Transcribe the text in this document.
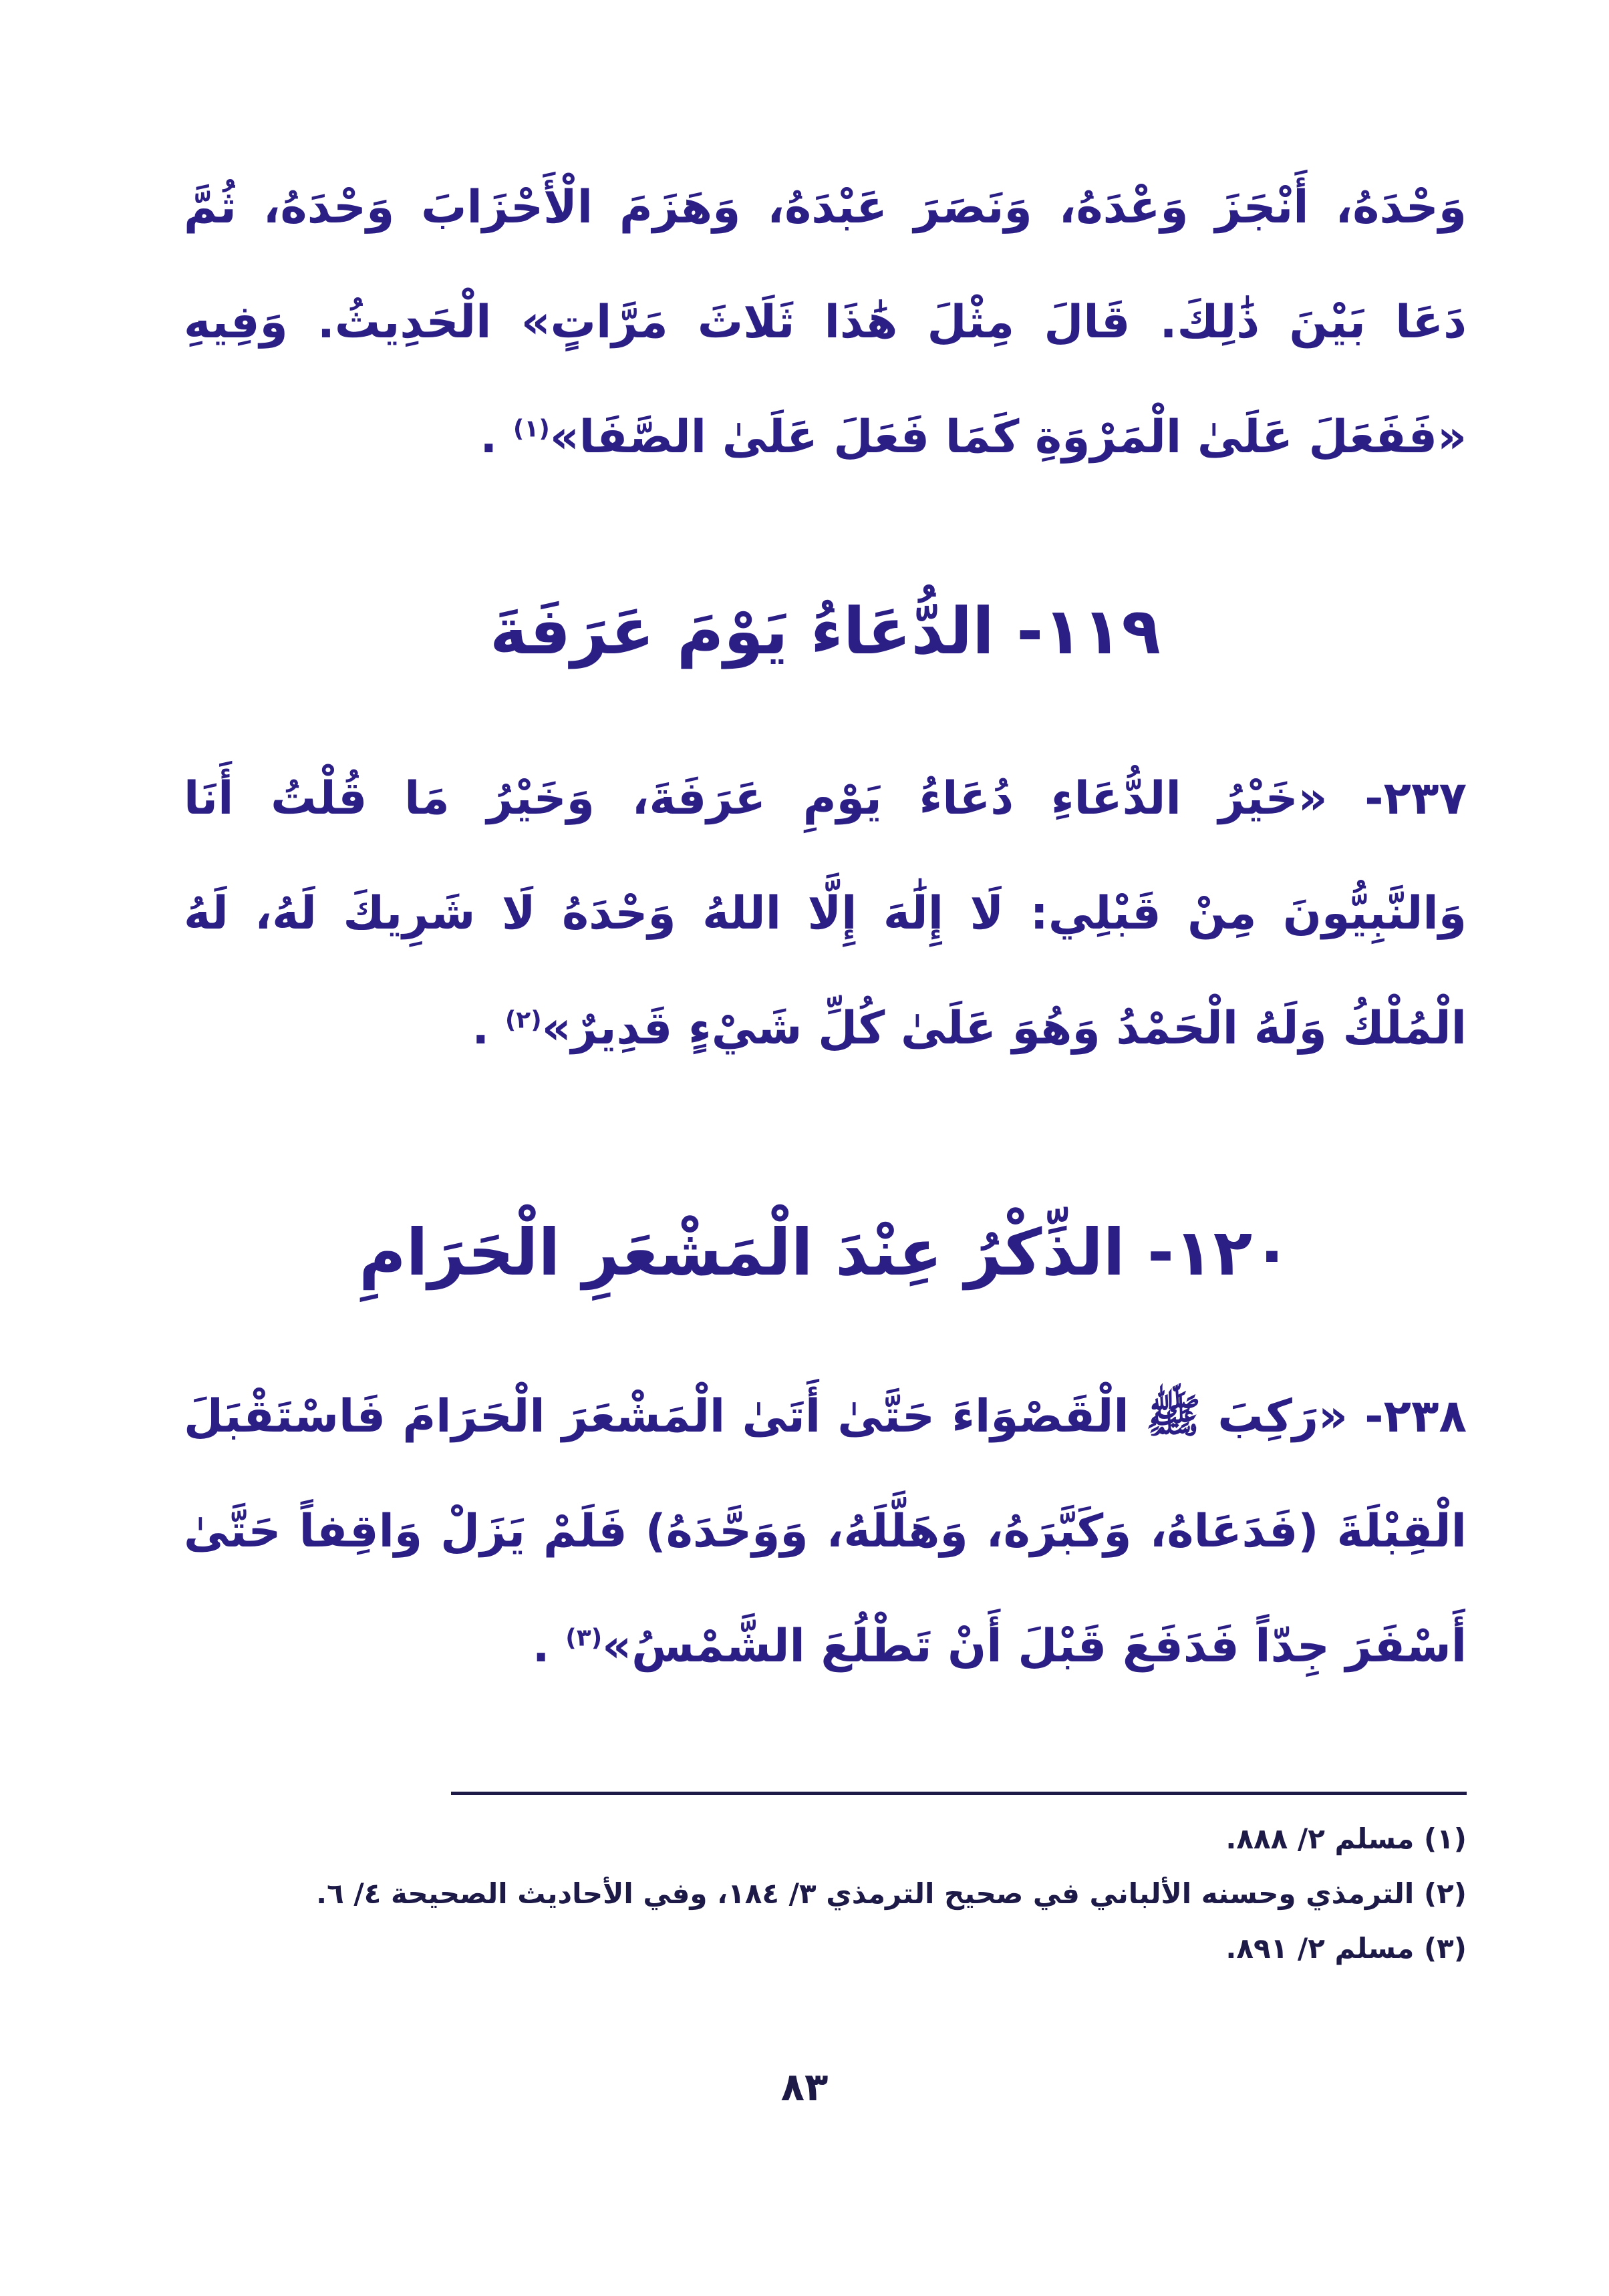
وَحْدَهُ، أَنْجَزَ وَعْدَهُ، وَنَصَرَ عَبْدَهُ، وَهَزَمَ الْأَحْزَابَ وَحْدَهُ، ثُمَّ دَعَا بَيْنَ ذَٰلِكَ. قَالَ مِثْلَ هَٰذَا ثَلَاثَ مَرَّاتٍ» الْحَدِيثُ. وَفِيهِ «فَفَعَلَ عَلَىٰ الْمَرْوَةِ كَمَا فَعَلَ عَلَىٰ الصَّفَا»$^{(١)}$ .

١١٩- الدُّعَاءُ يَوْمَ عَرَفَةَ

٢٣٧- «خَيْرُ الدُّعَاءِ دُعَاءُ يَوْمِ عَرَفَةَ، وَخَيْرُ مَا قُلْتُ أَنَا وَالنَّبِيُّونَ مِنْ قَبْلِي: لَا إِلَٰهَ إِلَّا اللهُ وَحْدَهُ لَا شَرِيكَ لَهُ، لَهُ الْمُلْكُ وَلَهُ الْحَمْدُ وَهُوَ عَلَىٰ كُلِّ شَيْءٍ قَدِيرٌ»$^{(٢)}$ .

١٢٠- الذِّكْرُ عِنْدَ الْمَشْعَرِ الْحَرَامِ

٢٣٨- «رَكِبَ ﷺ الْقَصْوَاءَ حَتَّىٰ أَتَىٰ الْمَشْعَرَ الْحَرَامَ فَاسْتَقْبَلَ الْقِبْلَةَ (فَدَعَاهُ، وَكَبَّرَهُ، وَهَلَّلَهُ، وَوَحَّدَهُ) فَلَمْ يَزَلْ وَاقِفاً حَتَّىٰ أَسْفَرَ جِدّاً فَدَفَعَ قَبْلَ أَنْ تَطْلُعَ الشَّمْسُ»$^{(٣)}$ .

(١) مسلم ٢/ ٨٨٨.
(٢) الترمذي وحسنه الألباني في صحيح الترمذي ٣/ ١٨٤، وفي الأحاديث الصحيحة ٤/ ٦.
(٣) مسلم ٢/ ٨٩١.
٨٣
